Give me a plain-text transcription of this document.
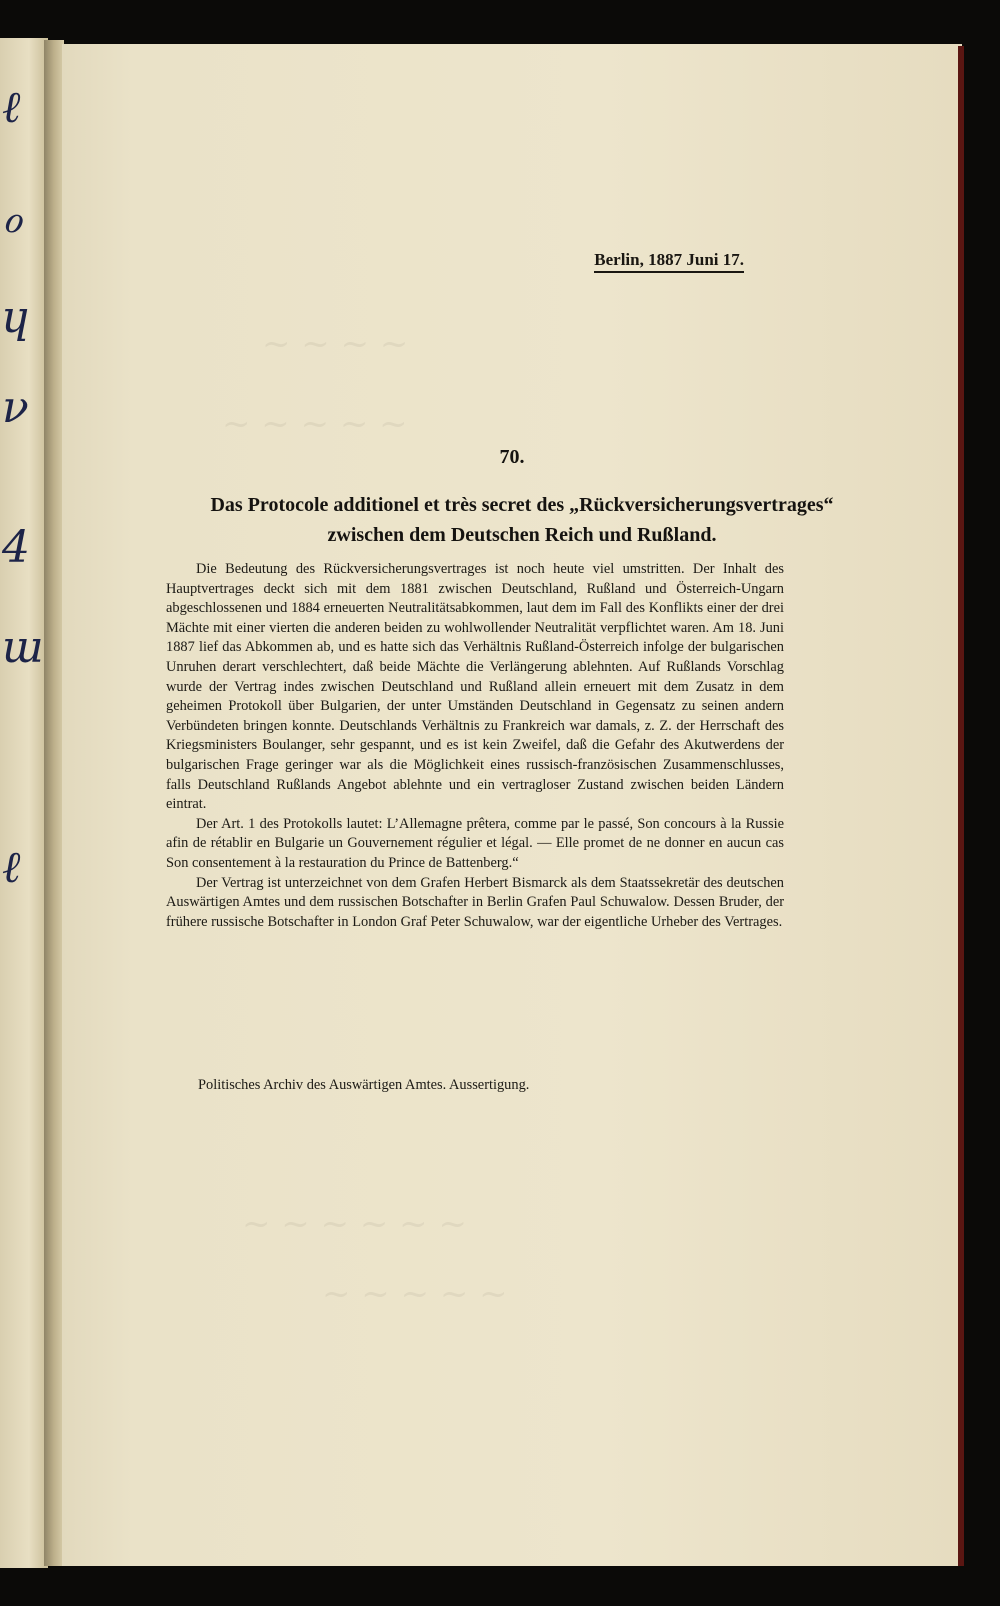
ℓ
ℴ
ɥ
ν
4
ɯ
ℓ
~ ~ ~ ~
~ ~ ~ ~ ~
~ ~ ~ ~ ~ ~
~ ~ ~ ~ ~
Berlin, 1887 Juni 17.
70.
Das Protocole additionel et très secret des „Rückversicherungsvertrages“
zwischen dem Deutschen Reich und Rußland.

Die Bedeutung des Rückversicherungsvertrages ist noch heute viel umstritten. Der Inhalt des Hauptvertrages deckt sich mit dem 1881 zwischen Deutschland, Rußland und Österreich-Ungarn abgeschlossenen und 1884 erneuerten Neutralitätsabkommen, laut dem im Fall des Konflikts einer der drei Mächte mit einer vierten die anderen beiden zu wohlwollender Neutralität verpflichtet waren. Am 18. Juni 1887 lief das Abkommen ab, und es hatte sich das Verhältnis Rußland-Österreich infolge der bulgarischen Unruhen derart verschlechtert, daß beide Mächte die Verlängerung ablehnten. Auf Rußlands Vorschlag wurde der Vertrag indes zwischen Deutschland und Rußland allein erneuert mit dem Zusatz in dem geheimen Protokoll über Bulgarien, der unter Umständen Deutschland in Gegensatz zu seinen andern Verbündeten bringen konnte. Deutschlands Verhältnis zu Frankreich war damals, z. Z. der Herrschaft des Kriegsministers Boulanger, sehr gespannt, und es ist kein Zweifel, daß die Gefahr des Akutwerdens der bulgarischen Frage geringer war als die Möglichkeit eines russisch-französischen Zusammenschlusses, falls Deutschland Rußlands Angebot ablehnte und ein vertragloser Zustand zwischen beiden Ländern eintrat.

Der Art. 1 des Protokolls lautet: L’Allemagne prêtera, comme par le passé, Son concours à la Russie afin de rétablir en Bulgarie un Gouvernement régulier et légal. — Elle promet de ne donner en aucun cas Son consentement à la restauration du Prince de Battenberg.“

Der Vertrag ist unterzeichnet von dem Grafen Herbert Bismarck als dem Staatssekretär des deutschen Auswärtigen Amtes und dem russischen Botschafter in Berlin Grafen Paul Schuwalow. Dessen Bruder, der frühere russische Botschafter in London Graf Peter Schuwalow, war der eigentliche Urheber des Vertrages.

Politisches Archiv des Auswärtigen Amtes. Aussertigung.
